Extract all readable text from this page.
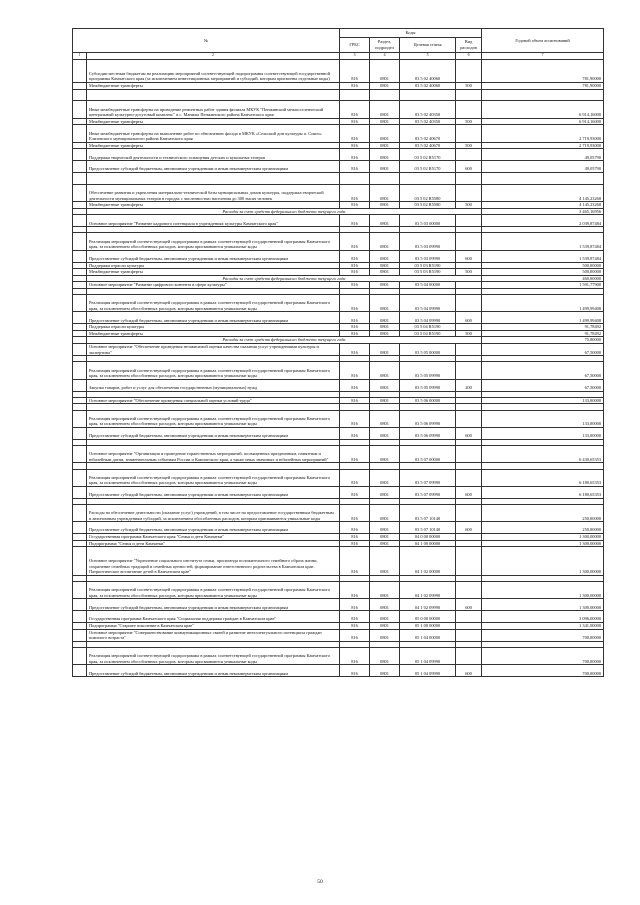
№		Коды				Годовой объем ассигнований
		ГРБС	Раздел, подраздел	Целевая статья	Вид расходов	
1	2	3	4	5	6	7
	Субсидии местным бюджетам на реализацию мероприятий соответствующей подпрограммы соответствующей государственной программы Камчатского края (за исключением инвестиционных мероприятий и субсидий, которым присвоены отдельные коды)	816	0801	03 5 02 40060		781,90000
	Межбюджетные трансферты	816	0801	03 5 02 40060	500	781,90000

	Иные межбюджетные трансферты на проведение ремонтных работ здания филиала МКУК "Пенжинский межпоселенческий центральный культурно-досуговый комплекс" в с. Манилы Пенжинского района Камчатского края	816	0801	03 5 02 40350		6 914,16000
	Межбюджетные трансферты	816	0801	03 5 02 40350	500	6 914,16000
	Иные межбюджетные трансферты на выполнение работ по обновлению фасада в МКУК «Сельский дом культуры п. Сокоч» Елизовского муниципального района Камчатского края	816	0801	03 5 02 40670		2 719,93000
	Межбюджетные трансферты	816	0801	03 5 02 40670	500	2 719,93000
	Поддержка творческой деятельности и технического оснащения детских и кукольных театров	816	0801	03 5 02 R5170		49,05790
	Предоставление субсидий бюджетным, автономным учреждениям и иным некоммерческим организациям	816	0801	03 5 02 R5170	600	49,05790

	Обеспечение развития и укрепления материально-технической базы муниципальных домов культуры, поддержка творческой деятельности муниципальных театров в городах с численностью населения до 300 тысяч человек	816	0801	03 5 02 R5580		4 145,23268
	Межбюджетные трансферты	816	0801	03 5 02 R5580	500	4 145,23268
	Расходы за счет средств федерального бюджета текущего года					3 465,16956
	Основное мероприятие "Развитие кадрового потенциала в учреждениях культуры Камчатского края"	816	0801	03 5 03 00000		2 039,87484

	Реализация мероприятий соответствующей подпрограммы в рамках соответствующей государственной программы Камчатского края, за исключением обособленных расходов, которым присваиваются уникальные коды	816	0801	03 5 03 09990		1 539,87484
	Предоставление субсидий бюджетным, автономным учреждениям и иным некоммерческим организациям	816	0801	03 5 03 09990	600	1 539,87484
	Поддержка отрасли культуры	816	0801	03 5 03 R5190		500,00000
	Межбюджетные трансферты	816	0801	03 5 03 R5190	500	500,00000
	Расходы за счет средств федерального бюджета текущего года					460,00000
	Основное мероприятие "Развитие цифрового контента в сфере культуры"	816	0801	03 5 04 00000		1 591,77900

	Реализация мероприятий соответствующей подпрограммы в рамках соответствующей государственной программы Камчатского края, за исключением обособленных расходов, которым присваиваются уникальные коды	816	0801	03 5 04 09990		1 499,99408
	Предоставление субсидий бюджетным, автономным учреждениям и иным некоммерческим организациям	816	0801	03 5 04 09990	600	1 499,99408
	Поддержка отрасли культуры	816	0801	03 5 04 R5190		91,78492
	Межбюджетные трансферты	816	0801	03 5 04 R5190	500	91,78492
	Расходы за счет средств федерального бюджета текущего года					75,80000
	Основное мероприятие "Обеспечение проведения независимой оценки качества оказания услуг учреждениями культуры и экспертизы"	816	0801	03 5 05 00000		67,50000

	Реализация мероприятий соответствующей подпрограммы в рамках соответствующей государственной программы Камчатского края, за исключением обособленных расходов, которым присваиваются уникальные коды	816	0801	03 5 05 09990		67,50000
	Закупка товаров, работ и услуг для обеспечения государственных (муниципальных) нужд	816	0801	03 5 05 09990	200	67,50000

	Основное мероприятие "Обеспечение проведения специальной оценки условий труда"	816	0801	03 5 06 00000		133,00000

	Реализация мероприятий соответствующей подпрограммы в рамках соответствующей государственной программы Камчатского края, за исключением обособленных расходов, которым присваиваются уникальные коды	816	0801	03 5 06 09990		133,00000
	Предоставление субсидий бюджетным, автономным учреждениям и иным некоммерческим организациям	816	0801	03 5 06 09990	600	133,00000

	Основное мероприятие "Организация и проведение торжественных мероприятий, посвященных праздничным, памятным и юбилейным датам, знаменательным событиям России и Камчатского края, а также иных значимых и юбилейных мероприятий"	816	0801	03 5 07 00000		6 430,65353

	Реализация мероприятий соответствующей подпрограммы в рамках соответствующей государственной программы Камчатского края, за исключением обособленных расходов, которым присваиваются уникальные коды	816	0801	03 5 07 09990		6 180,65353
	Предоставление субсидий бюджетным, автономным учреждениям и иным некоммерческим организациям	816	0801	03 5 07 09990	600	6 180,65353

	Расходы на обеспечение деятельности (оказание услуг) учреждений, в том числе на предоставление государственным бюджетным и автономным учреждениям субсидий, за исключением обособленных расходов, которым присваиваются уникальные коды	816	0801	03 5 07 10140		250,00000
	Предоставление субсидий бюджетным, автономным учреждениям и иным некоммерческим организациям	816	0801	03 5 07 10140	600	250,00000
	Государственная программа Камчатского края "Семья и дети Камчатки"	816	0801	04 0 00 00000		1 300,00000
	Подпрограмма "Семья и дети Камчатки"	816	0801	04 1 00 00000		1 300,00000
	Основное мероприятие "Укрепление социального института семьи, пропаганда положительного семейного образа жизни, сохранение семейных традиций и семейных ценностей, формирование ответственного родительства в Камчатском крае. Патриотическое воспитание детей в Камчатском крае"	816	0801	04 1 02 00000		1 300,00000

	Реализация мероприятий соответствующей подпрограммы в рамках соответствующей государственной программы Камчатского края, за исключением обособленных расходов, которым присваиваются уникальные коды	816	0801	04 1 02 09990		1 300,00000
	Предоставление субсидий бюджетным, автономным учреждениям и иным некоммерческим организациям	816	0801	04 1 02 09990	600	1 300,00000
	Государственная программа Камчатского края "Социальная поддержка граждан в Камчатском крае"	816	0801	05 0 00 00000		3 096,00000
	Подпрограмма "Старшее поколение в Камчатском крае"	816	0801	05 1 00 00000		1 341,00000
	Основное мероприятие "Совершенствование коммуникационных связей и развитие интеллектуального потенциала граждан пожилого возраста"	816	0801	05 1 04 00000		700,00000

	Реализация мероприятий соответствующей подпрограммы в рамках соответствующей государственной программы Камчатского края, за исключением обособленных расходов, которым присваиваются уникальные коды	816	0801	05 1 04 09990		700,00000
	Предоставление субсидий бюджетным, автономным учреждениям и иным некоммерческим организациям	816	0801	05 1 04 09990	600	700,00000
50
